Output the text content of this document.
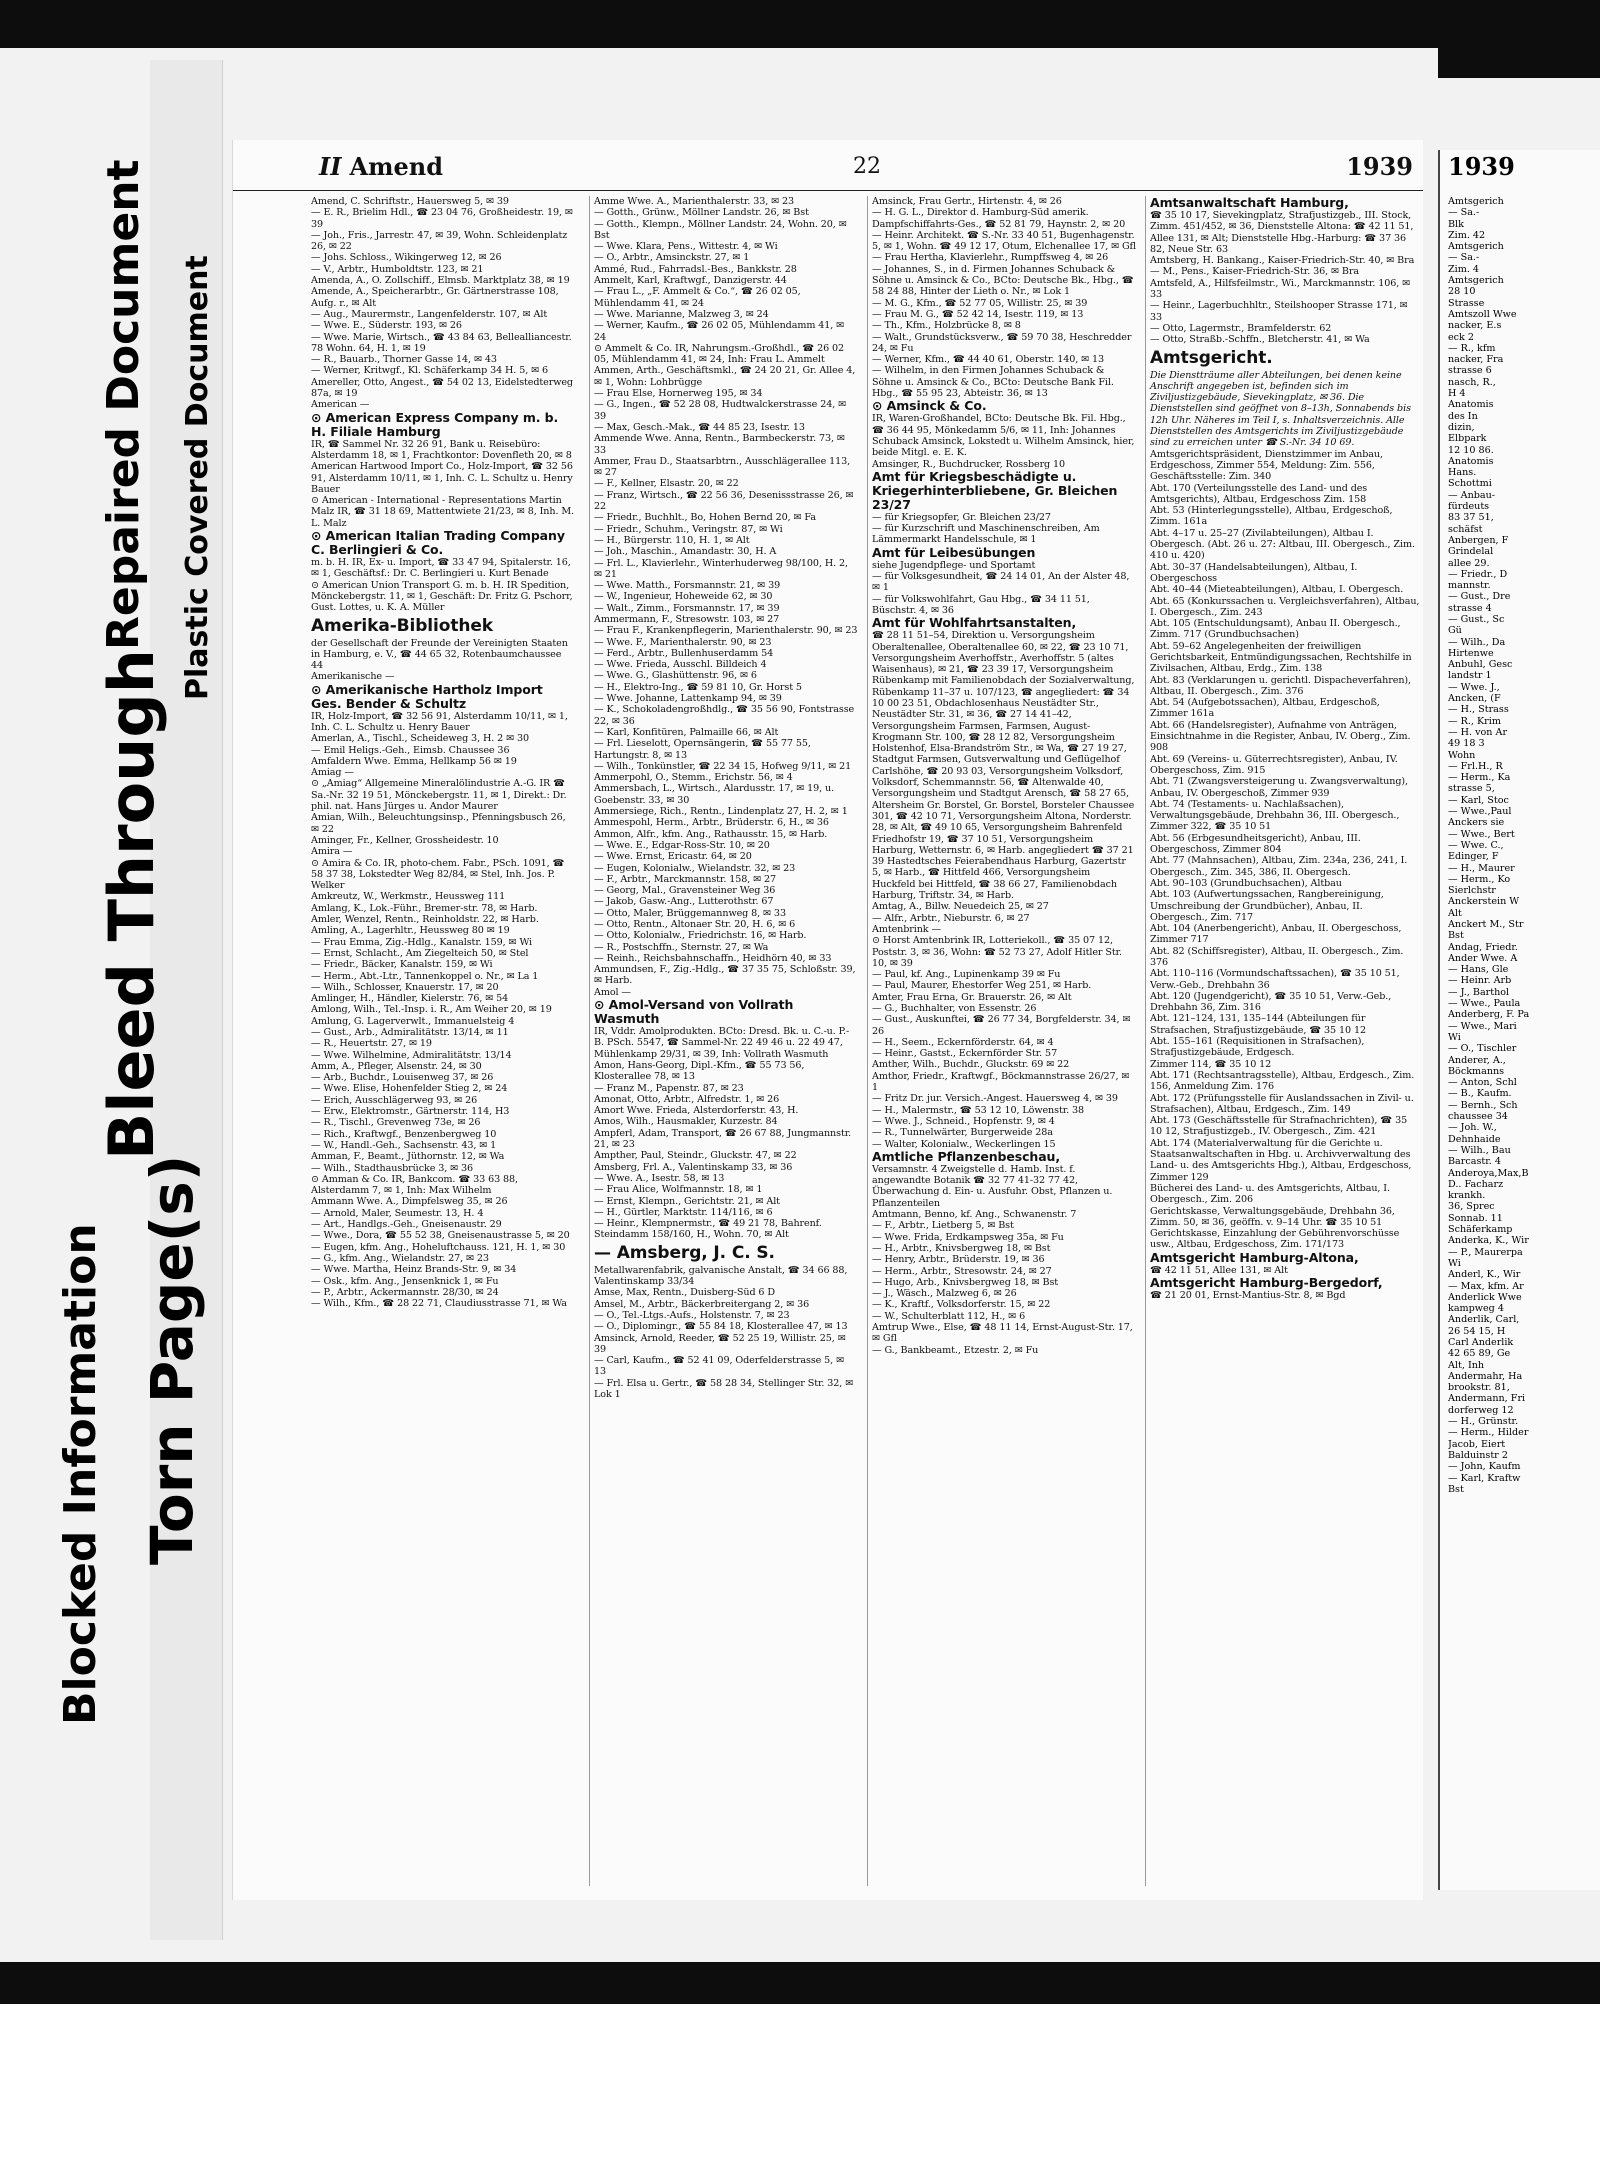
Blocked Information Torn Page(s)
Bleed Through
Repaired Document Plastic Covered Document
II Amend	22	1939
Amend, C. Schriftstr., Hauersweg 5, ✉ 39
— E. R., Brielim Hdl., ☎ 23 04 76, Großheidestr. 19, ✉ 39
— Joh., Fris., Jarrestr. 47, ✉ 39, Wohn. Schleidenplatz 26, ✉ 22
— Johs. Schloss., Wikingerweg 12, ✉ 26
— V., Arbtr., Humboldtstr. 123, ✉ 21
Amenda, A., O. Zollschiff., Elmsb. Marktplatz 38, ✉ 19
Amende, A., Speicherarbtr., Gr. Gärtnerstrasse 108, Aufg. r., ✉ Alt
— Aug., Maurermstr., Langenfelderstr. 107, ✉ Alt
— Wwe. E., Süderstr. 193, ✉ 26
— Wwe. Marie, Wirtsch., ☎ 43 84 63, Bellealliancestr. 78 Wohn. 64, H. 1, ✉ 19
— R., Bauarb., Thorner Gasse 14, ✉ 43
— Werner, Kritwgf., Kl. Schäferkamp 34 H. 5, ✉ 6
Amereller, Otto, Angest., ☎ 54 02 13, Eidelstedterweg 87a, ✉ 19
American —
⊙ American Express Company m. b. H. Filiale Hamburg
IR, ☎ Sammel Nr. 32 26 91, Bank u. Reisebüro: Alsterdamm 18, ✉ 1, Frachtkontor: Dovenfleth 20, ✉ 8
American Hartwood Import Co., Holz-Import, ☎ 32 56 91, Alsterdamm 10/11, ✉ 1, Inh. C. L. Schultz u. Henry Bauer
⊙ American - International - Representations Martin Malz IR, ☎ 31 18 69, Mattentwiete 21/23, ✉ 8, Inh. M. L. Malz
⊙ American Italian Trading Company C. Berlingieri & Co.
m. b. H. IR, Ex- u. Import, ☎ 33 47 94, Spitalerstr. 16, ✉ 1, Geschäftsf.: Dr. C. Berlingieri u. Kurt Benade
⊙ American Union Transport G. m. b. H. IR Spedition, Mönckebergstr. 11, ✉ 1, Geschäft: Dr. Fritz G. Pschorr, Gust. Lottes, u. K. A. Müller
Amerika-Bibliothek
der Gesellschaft der Freunde der Vereinigten Staaten in Hamburg, e. V., ☎ 44 65 32, Rotenbaumchaussee 44
Amerikanische —
⊙ Amerikanische Hartholz Import Ges. Bender & Schultz
IR, Holz-Import, ☎ 32 56 91, Alsterdamm 10/11, ✉ 1, Inh. C. L. Schultz u. Henry Bauer
Amerlan, A., Tischl., Scheideweg 3, H. 2 ✉ 30
— Emil Heligs.-Geh., Eimsb. Chaussee 36
Amfaldern Wwe. Emma, Hellkamp 56 ✉ 19
Amiag —
⊙ „Amiag“ Allgemeine Mineralölindustrie A.-G. IR ☎ Sa.-Nr. 32 19 51, Mönckebergstr. 11, ✉ 1, Direkt.: Dr. phil. nat. Hans Jürges u. Andor Maurer
Amian, Wilh., Beleuchtungsinsp., Pfenningsbusch 26, ✉ 22
Aminger, Fr., Kellner, Grossheidestr. 10
Amira —
⊙ Amira & Co. IR, photo-chem. Fabr., PSch. 1091, ☎ 58 37 38, Lokstedter Weg 82/84, ✉ Stel, Inh. Jos. P. Welker
Amkreutz, W., Werkmstr., Heussweg 111
Amlang, K., Lok.-Führ., Bremer-str. 78, ✉ Harb.
Amler, Wenzel, Rentn., Reinholdstr. 22, ✉ Harb.
Amling, A., Lagerhltr., Heussweg 80 ✉ 19
— Frau Emma, Zig.-Hdlg., Kanalstr. 159, ✉ Wi
— Ernst, Schlacht., Am Ziegelteich 50, ✉ Stel
— Friedr., Bäcker, Kanalstr. 159, ✉ Wi
— Herm., Abt.-Ltr., Tannenkoppel o. Nr., ✉ La 1
— Wilh., Schlosser, Knauerstr. 17, ✉ 20
Amlinger, H., Händler, Kielerstr. 76, ✉ 54
Amlong, Wilh., Tel.-Insp. i. R., Am Weiher 20, ✉ 19
Amlung, G. Lagerverwlt., Immanuelsteig 4
— Gust., Arb., Admiralitätstr. 13/14, ✉ 11
— R., Heuertstr. 27, ✉ 19
— Wwe. Wilhelmine, Admiralitätstr. 13/14
Amm, A., Pfleger, Alsenstr. 24, ✉ 30
— Arb., Buchdr., Louisenweg 37, ✉ 26
— Wwe. Elise, Hohenfelder Stieg 2, ✉ 24
— Erich, Ausschlägerweg 93, ✉ 26
— Erw., Elektromstr., Gärtnerstr. 114, H3
— R., Tischl., Grevenweg 73e, ✉ 26
— Rich., Kraftwgf., Benzenbergweg 10
— W., Handl.-Geh., Sachsenstr. 43, ✉ 1
Amman, F., Beamt., Jüthornstr. 12, ✉ Wa
— Wilh., Stadthausbrücke 3, ✉ 36
⊙ Amman & Co. IR, Bankcom. ☎ 33 63 88, Alsterdamm 7, ✉ 1, Inh: Max Wilhelm
Ammann Wwe. A., Dimpfelsweg 35, ✉ 26
— Arnold, Maler, Seumestr. 13, H. 4
— Art., Handlgs.-Geh., Gneisenaustr. 29
— Wwe., Dora, ☎ 55 52 38, Gneisenaustrasse 5, ✉ 20
— Eugen, kfm. Ang., Hoheluftchauss. 121, H. 1, ✉ 30
— G., kfm. Ang., Wielandstr. 27, ✉ 23
— Wwe. Martha, Heinz Brands-Str. 9, ✉ 34
— Osk., kfm. Ang., Jensenknick 1, ✉ Fu
— P., Arbtr., Ackermannstr. 28/30, ✉ 24
— Wilh., Kfm., ☎ 28 22 71, Claudiusstrasse 71, ✉ Wa
Amme Wwe. A., Marienthalerstr. 33, ✉ 23
— Gotth., Grünw., Möllner Landstr. 26, ✉ Bst
— Gotth., Klempn., Möllner Landstr. 24, Wohn. 20, ✉ Bst
— Wwe. Klara, Pens., Wittestr. 4, ✉ Wi
— O., Arbtr., Amsinckstr. 27, ✉ 1
Ammé, Rud., Fahrradsl.-Bes., Bankkstr. 28
Ammelt, Karl, Kraftwgf., Danzigerstr. 44
— Frau L., „F. Ammelt & Co.“, ☎ 26 02 05, Mühlendamm 41, ✉ 24
— Wwe. Marianne, Malzweg 3, ✉ 24
— Werner, Kaufm., ☎ 26 02 05, Mühlendamm 41, ✉ 24
⊙ Ammelt & Co. IR, Nahrungsm.-Großhdl., ☎ 26 02 05, Mühlendamm 41, ✉ 24, Inh: Frau L. Ammelt
Ammen, Arth., Geschäftsmkl., ☎ 24 20 21, Gr. Allee 4, ✉ 1, Wohn: Lohbrügge
— Frau Else, Hornerweg 195, ✉ 34
— G., Ingen., ☎ 52 28 08, Hudtwalckerstrasse 24, ✉ 39
— Max, Gesch.-Mak., ☎ 44 85 23, Isestr. 13
Ammende Wwe. Anna, Rentn., Barmbeckerstr. 73, ✉ 33
Ammer, Frau D., Staatsarbtrn., Ausschlägerallee 113, ✉ 27
— F., Kellner, Elsastr. 20, ✉ 22
— Franz, Wirtsch., ☎ 22 56 36, Desenissstrasse 26, ✉ 22
— Friedr., Buchhlt., Bo, Hohen Bernd 20, ✉ Fa
— Friedr., Schuhm., Veringstr. 87, ✉ Wi
— H., Bürgerstr. 110, H. 1, ✉ Alt
— Joh., Maschin., Amandastr. 30, H. A
— Frl. L., Klavierlehr., Winterhuderweg 98/100, H. 2, ✉ 21
— Wwe. Matth., Forsmannstr. 21, ✉ 39
— W., Ingenieur, Hoheweide 62, ✉ 30
— Walt., Zimm., Forsmannstr. 17, ✉ 39
Ammermann, F., Stresowstr. 103, ✉ 27
— Frau F., Krankenpflegerin, Marienthalerstr. 90, ✉ 23
— Wwe. F., Marienthalerstr. 90, ✉ 23
— Ferd., Arbtr., Bullenhuserdamm 54
— Wwe. Frieda, Ausschl. Billdeich 4
— Wwe. G., Glashüttenstr. 96, ✉ 6
— H., Elektro-Ing., ☎ 59 81 10, Gr. Horst 5
— Wwe. Johanne, Lattenkamp 94, ✉ 39
— K., Schokoladengroßhdlg., ☎ 35 56 90, Fontstrasse 22, ✉ 36
— Karl, Konfitüren, Palmaille 66, ✉ Alt
— Frl. Lieselott, Opernsängerin, ☎ 55 77 55, Hartungstr. 8, ✉ 13
— Wilh., Tonkünstler, ☎ 22 34 15, Hofweg 9/11, ✉ 21
Ammerpohl, O., Stemm., Erichstr. 56, ✉ 4
Ammersbach, L., Wirtsch., Alardusstr. 17, ✉ 19, u. Goebenstr. 33, ✉ 30
Ammersiege, Rich., Rentn., Lindenplatz 27, H. 2, ✉ 1
Ammespohl, Herm., Arbtr., Brüderstr. 6, H., ✉ 36
Ammon, Alfr., kfm. Ang., Rathausstr. 15, ✉ Harb.
— Wwe. E., Edgar-Ross-Str. 10, ✉ 20
— Wwe. Ernst, Ericastr. 64, ✉ 20
— Eugen, Kolonialw., Wielandstr. 32, ✉ 23
— F., Arbtr., Marckmannstr. 158, ✉ 27
— Georg, Mal., Gravensteiner Weg 36
— Jakob, Gasw.-Ang., Lutterothstr. 67
— Otto, Maler, Brüggemannweg 8, ✉ 33
— Otto, Rentn., Altonaer Str. 20, H. 6, ✉ 6
— Otto, Kolonialw., Friedrichstr. 16, ✉ Harb.
— R., Postschffn., Sternstr. 27, ✉ Wa
— Reinh., Reichsbahnschaffn., Heidhörn 40, ✉ 33
Ammundsen, F., Zig.-Hdlg., ☎ 37 35 75, Schloßstr. 39, ✉ Harb.
Amol —
⊙ Amol-Versand von Vollrath Wasmuth
IR, Vddr. Amolprodukten. BCto: Dresd. Bk. u. C.-u. P.-B. PSch. 5547, ☎ Sammel-Nr. 22 49 46 u. 22 49 47, Mühlenkamp 29/31, ✉ 39, Inh: Vollrath Wasmuth
Amon, Hans-Georg, Dipl.-Kfm., ☎ 55 73 56, Klosterallee 78, ✉ 13
— Franz M., Papenstr. 87, ✉ 23
Amonat, Otto, Arbtr., Alfredstr. 1, ✉ 26
Amort Wwe. Frieda, Alsterdorferstr. 43, H.
Amos, Wilh., Hausmakler, Kurzestr. 84
Ampferl, Adam, Transport, ☎ 26 67 88, Jungmannstr. 21, ✉ 23
Ampther, Paul, Steindr., Gluckstr. 47, ✉ 22
Amsberg, Frl. A., Valentinskamp 33, ✉ 36
— Wwe. A., Isestr. 58, ✉ 13
— Frau Alice, Wolfmannstr. 18, ✉ 1
— Ernst, Klempn., Gerichtstr. 21, ✉ Alt
— H., Gürtler, Marktstr. 114/116, ✉ 6
— Heinr., Klempnermstr., ☎ 49 21 78, Bahrenf. Steindamm 158/160, H., Wohn. 70, ✉ Alt
— Amsberg, J. C. S.
Metallwarenfabrik, galvanische Anstalt, ☎ 34 66 88, Valentinskamp 33/34
Amse, Max, Rentn., Duisberg-Süd 6 D
Amsel, M., Arbtr., Bäckerbreitergang 2, ✉ 36
— O., Tel.-Ltgs.-Aufs., Holstenstr. 7, ✉ 23
— O., Diplomingr., ☎ 55 84 18, Klosterallee 47, ✉ 13
Amsinck, Arnold, Reeder, ☎ 52 25 19, Willistr. 25, ✉ 39
— Carl, Kaufm., ☎ 52 41 09, Oderfelderstrasse 5, ✉ 13
— Frl. Elsa u. Gertr., ☎ 58 28 34, Stellinger Str. 32, ✉ Lok 1
Amsinck, Frau Gertr., Hirtenstr. 4, ✉ 26
— H. G. L., Direktor d. Hamburg-Süd amerik. Dampfschiffahrts-Ges., ☎ 52 81 79, Haynstr. 2, ✉ 20
— Heinr. Architekt. ☎ S.-Nr. 33 40 51, Bugenhagenstr. 5, ✉ 1, Wohn. ☎ 49 12 17, Otum, Elchenallee 17, ✉ Gfl
— Frau Hertha, Klavierlehr., Rumpffsweg 4, ✉ 26
— Johannes, S., in d. Firmen Johannes Schuback & Söhne u. Amsinck & Co., BCto: Deutsche Bk., Hbg., ☎ 58 24 88, Hinter der Lieth o. Nr., ✉ Lok 1
— M. G., Kfm., ☎ 52 77 05, Willistr. 25, ✉ 39
— Frau M. G., ☎ 52 42 14, Isestr. 119, ✉ 13
— Th., Kfm., Holzbrücke 8, ✉ 8
— Walt., Grundstücksverw., ☎ 59 70 38, Heschredder 24, ✉ Fu
— Werner, Kfm., ☎ 44 40 61, Oberstr. 140, ✉ 13
— Wilhelm, in den Firmen Johannes Schuback & Söhne u. Amsinck & Co., BCto: Deutsche Bank Fil. Hbg., ☎ 55 95 23, Abteistr. 36, ✉ 13
⊙ Amsinck & Co.
IR, Waren-Großhandel, BCto: Deutsche Bk. Fil. Hbg., ☎ 36 44 95, Mönkedamm 5/6, ✉ 11, Inh: Johannes Schuback Amsinck, Lokstedt u. Wilhelm Amsinck, hier, beide Mitgl. e. E. K.
Amsinger, R., Buchdrucker, Rossberg 10
Amt für Kriegsbeschädigte u. Kriegerhinterbliebene, Gr. Bleichen 23/27
— für Kriegsopfer, Gr. Bleichen 23/27
— für Kurzschrift und Maschinenschreiben, Am Lämmermarkt Handelsschule, ✉ 1
Amt für Leibesübungen
siehe Jugendpflege- und Sportamt
— für Volksgesundheit, ☎ 24 14 01, An der Alster 48, ✉ 1
— für Volkswohlfahrt, Gau Hbg., ☎ 34 11 51, Büschstr. 4, ✉ 36
Amt für Wohlfahrtsanstalten,
☎ 28 11 51–54, Direktion u. Versorgungsheim Oberaltenallee, Oberaltenallee 60, ✉ 22, ☎ 23 10 71, Versorgungsheim Averhoffstr., Averhoffstr. 5 (altes Waisenhaus), ✉ 21, ☎ 23 39 17, Versorgungsheim Rübenkamp mit Familienobdach der Sozialverwaltung, Rübenkamp 11–37 u. 107/123, ☎ angegliedert: ☎ 34 10 00 23 51, Obdachlosenhaus Neustädter Str., Neustädter Str. 31, ✉ 36, ☎ 27 14 41–42, Versorgungsheim Farmsen, Farmsen, August-Krogmann Str. 100, ☎ 28 12 82, Versorgungsheim Holstenhof, Elsa-Brandström Str., ✉ Wa, ☎ 27 19 27, Stadtgut Farmsen, Gutsverwaltung und Geflügelhof Carlshöhe, ☎ 20 93 03, Versorgungsheim Volksdorf, Volksdorf, Schemmannstr. 56, ☎ Altenwalde 40, Versorgungsheim und Stadtgut Arensch, ☎ 58 27 65, Altersheim Gr. Borstel, Gr. Borstel, Borsteler Chaussee 301, ☎ 42 10 71, Versorgungsheim Altona, Norderstr. 28, ✉ Alt, ☎ 49 10 65, Versorgungsheim Bahrenfeld Friedhofstr 19, ☎ 37 10 51, Versorgungsheim Harburg, Wetternstr. 6, ✉ Harb. angegliedert ☎ 37 21 39 Hastedtsches Feierabendhaus Harburg, Gazertstr 5, ✉ Harb., ☎ Hittfeld 466, Versorgungsheim Huckfeld bei Hittfeld, ☎ 38 66 27, Familienobdach Harburg, Triftstr. 34, ✉ Harb.
Amtag, A., Billw. Neuedeich 25, ✉ 27
— Alfr., Arbtr., Nieburstr. 6, ✉ 27
Amtenbrink —
⊙ Horst Amtenbrink IR, Lotteriekoll., ☎ 35 07 12, Poststr. 3, ✉ 36, Wohn: ☎ 52 73 27, Adolf Hitler Str. 10, ✉ 39
— Paul, kf. Ang., Lupinenkamp 39 ✉ Fu
— Paul, Maurer, Ehestorfer Weg 251, ✉ Harb.
Amter, Frau Erna, Gr. Brauerstr. 26, ✉ Alt
— G., Buchhalter, von Essenstr. 26
— Gust., Auskunftei, ☎ 26 77 34, Borgfelderstr. 34, ✉ 26
— H., Seem., Eckernförderstr. 64, ✉ 4
— Heinr., Gastst., Eckernförder Str. 57
Amther, Wilh., Buchdr., Gluckstr. 69 ✉ 22
Amthor, Friedr., Kraftwgf., Böckmannstrasse 26/27, ✉ 1
— Fritz Dr. jur. Versich.-Angest. Hauersweg 4, ✉ 39
— H., Malermstr., ☎ 53 12 10, Löwenstr. 38
— Wwe. J., Schneid., Hopfenstr. 9, ✉ 4
— R., Tunnelwärter, Burgerweide 28a
— Walter, Kolonialw., Weckerlingen 15
Amtliche Pflanzenbeschau,
Versamnstr. 4 Zweigstelle d. Hamb. Inst. f. angewandte Botanik ☎ 32 77 41-32 77 42, Überwachung d. Ein- u. Ausfuhr. Obst, Pflanzen u. Pflanzenteilen
Amtmann, Benno, kf. Ang., Schwanenstr. 7
— F., Arbtr., Lietberg 5, ✉ Bst
— Wwe. Frida, Erdkampsweg 35a, ✉ Fu
— H., Arbtr., Knivsbergweg 18, ✉ Bst
— Henry, Arbtr., Brüderstr. 19, ✉ 36
— Herm., Arbtr., Stresowstr. 24, ✉ 27
— Hugo, Arb., Knivsbergweg 18, ✉ Bst
— J., Wäsch., Malzweg 6, ✉ 26
— K., Kraftf., Volksdorferstr. 15, ✉ 22
— W., Schulterblatt 112, H., ✉ 6
Amtrup Wwe., Else, ☎ 48 11 14, Ernst-August-Str. 17, ✉ Gfl
— G., Bankbeamt., Etzestr. 2, ✉ Fu
Amtsanwaltschaft Hamburg,
☎ 35 10 17, Sievekingplatz, Strafjustizgeb., III. Stock, Zimm. 451/452, ✉ 36, Dienststelle Altona: ☎ 42 11 51, Allee 131, ✉ Alt; Dienststelle Hbg.-Harburg: ☎ 37 36 82, Neue Str. 63
Amtsberg, H. Bankang., Kaiser-Friedrich-Str. 40, ✉ Bra
— M., Pens., Kaiser-Friedrich-Str. 36, ✉ Bra
Amtsfeld, A., Hilfsfeilmstr., Wi., Marckmannstr. 106, ✉ 33
— Heinr., Lagerbuchhltr., Steilshooper Strasse 171, ✉ 33
— Otto, Lagermstr., Bramfelderstr. 62
— Otto, Straßb.-Schffn., Bletcherstr. 41, ✉ Wa
Amtsgericht.
Die Dienstträume aller Abteilungen, bei denen keine Anschrift angegeben ist, befinden sich im Ziviljustizgebäude, Sievekingplatz, ✉ 36. Die Dienststellen sind geöffnet von 8–13h, Sonnabends bis 12h Uhr. Näheres im Teil I, s. Inhaltsverzeichnis. Alle Dienststellen des Amtsgerichts im Ziviljustizgebäude sind zu erreichen unter ☎ S.-Nr. 34 10 69.
Amtsgerichtspräsident, Dienstzimmer im Anbau, Erdgeschoss, Zimmer 554, Meldung: Zim. 556, Geschäftsstelle: Zim. 340
Abt. 170 (Verteilungsstelle des Land- und des Amtsgerichts), Altbau, Erdgeschoss Zim. 158
Abt. 53 (Hinterlegungsstelle), Altbau, Erdgeschoß, Zimm. 161a
Abt. 4–17 u. 25–27 (Zivilabteilungen), Altbau I. Obergesch. (Abt. 26 u. 27: Altbau, III. Obergesch., Zim. 410 u. 420)
Abt. 30–37 (Handelsabteilungen), Altbau, I. Obergeschoss
Abt. 40–44 (Mieteabteilungen), Altbau, I. Obergesch.
Abt. 65 (Konkurssachen u. Vergleichsverfahren), Altbau, I. Obergesch., Zim. 243
Abt. 105 (Entschuldungsamt), Anbau II. Obergesch., Zimm. 717 (Grundbuchsachen)
Abt. 59–62 Angelegenheiten der freiwilligen Gerichtsbarkeit, Entmündigungssachen, Rechtshilfe in Zivilsachen, Altbau, Erdg., Zim. 138
Abt. 83 (Verklarungen u. gerichtl. Dispacheverfahren), Altbau, II. Obergesch., Zim. 376
Abt. 54 (Aufgebotssachen), Altbau, Erdgeschoß, Zimmer 161a
Abt. 66 (Handelsregister), Aufnahme von Anträgen, Einsichtnahme in die Register, Anbau, IV. Oberg., Zim. 908
Abt. 69 (Vereins- u. Güterrechtsregister), Anbau, IV. Obergeschoss, Zim. 915
Abt. 71 (Zwangsversteigerung u. Zwangsverwaltung), Anbau, IV. Obergeschoß, Zimmer 939
Abt. 74 (Testaments- u. Nachlaßsachen), Verwaltungsgebäude, Drehbahn 36, III. Obergesch., Zimmer 322, ☎ 35 10 51
Abt. 56 (Erbgesundheitsgericht), Anbau, III. Obergeschoss, Zimmer 804
Abt. 77 (Mahnsachen), Altbau, Zim. 234a, 236, 241, I. Obergesch., Zim. 345, 386, II. Obergesch.
Abt. 90–103 (Grundbuchsachen), Altbau
Abt. 103 (Aufwertungssachen, Rangbereinigung, Umschreibung der Grundbücher), Anbau, II. Obergesch., Zim. 717
Abt. 104 (Anerbengericht), Anbau, II. Obergeschoss, Zimmer 717
Abt. 82 (Schiffsregister), Altbau, II. Obergesch., Zim. 376
Abt. 110–116 (Vormundschaftssachen), ☎ 35 10 51, Verw.-Geb., Drehbahn 36
Abt. 120 (Jugendgericht), ☎ 35 10 51, Verw.-Geb., Drehbahn 36, Zim. 316
Abt. 121–124, 131, 135–144 (Abteilungen für Strafsachen, Strafjustizgebäude, ☎ 35 10 12
Abt. 155–161 (Requisitionen in Strafsachen), Strafjustizgebäude, Erdgesch.
Zimmer 114, ☎ 35 10 12
Abt. 171 (Rechtsantragsstelle), Altbau, Erdgesch., Zim. 156, Anmeldung Zim. 176
Abt. 172 (Prüfungsstelle für Auslandssachen in Zivil- u. Strafsachen), Altbau, Erdgesch., Zim. 149
Abt. 173 (Geschäftsstelle für Strafnachrichten), ☎ 35 10 12, Strafjustizgeb., IV. Obergesch., Zim. 421
Abt. 174 (Materialverwaltung für die Gerichte u. Staatsanwaltschaften in Hbg. u. Archivverwaltung des Land- u. des Amtsgerichts Hbg.), Altbau, Erdgeschoss, Zimmer 129
Bücherei des Land- u. des Amtsgerichts, Altbau, I. Obergesch., Zim. 206
Gerichtskasse, Verwaltungsgebäude, Drehbahn 36, Zimm. 50, ✉ 36, geöffn. v. 9–14 Uhr. ☎ 35 10 51
Gerichtskasse, Einzahlung der Gebührenvorschüsse usw., Altbau, Erdgeschoss, Zim. 171/173
Amtsgericht Hamburg-Altona,
☎ 42 11 51, Allee 131, ✉ Alt
Amtsgericht Hamburg-Bergedorf,
☎ 21 20 01, Ernst-Mantius-Str. 8, ✉ Bgd
1939
Amtsgerich
— Sa.-
Blk
Zim. 42
Amtsgerich
— Sa.-
Zim. 4
Amtsgerich
28 10
Strasse
Amtszoll Wwe
nacker, E.s
eck 2
— R., kfm
nacker, Fra
strasse 6
nasch, R.,
H 4
Anatomis
des In
dizin,
Elbpark
12 10 86.
Anatomis
Hans.
Schottmi
— Anbau-
fürdeuts
83 37 51,
schäfst
Anbergen, F
Grindelal
allee 29.
— Friedr., D
mannstr.
— Gust., Dre
strasse 4
— Gust., Sc
Gü
— Wilh., Da
Hirtenwe
Anbuhl, Gesc
landstr 1
— Wwe. J.,
Ancken, (F
— H., Strass
— R., Krim
— H. von Ar
49 18 3
Wohn
— Frl.H., R
— Herm., Ka
strasse 5,
— Karl, Stoc
— Wwe.,Paul
Anckers sie
— Wwe., Bert
— Wwe. C.,
Edinger, F
— H., Maurer
— Herm., Ko
Sierlchstr
Anckerstein W
Alt
Anckert M., Str
Bst
Andag, Friedr.
Ander Wwe. A
— Hans, Gle
— Heinr. Arb
— J., Barthol
— Wwe., Paula
Anderberg, F. Pa
— Wwe., Mari
Wi
— O., Tischler
Anderer, A.,
Böckmanns
— Anton, Schl
— B., Kaufm.
— Bernh., Sch
chaussee 34
— Joh. W.,
Dehnhaide
— Wilh., Bau
Barcastr. 4
Anderoya,Max,B
D.. Facharz
krankh.
36, Sprec
Sonnab. 11
Schäferkamp
Anderka, K., Wir
— P., Maurerpa
Wi
Anderl, K., Wir
— Max, kfm. Ar
Anderlick Wwe
kampweg 4
Anderlik, Carl,
26 54 15, H
Carl Anderlik
42 65 89, Ge
Alt, Inh
Andermahr, Ha
brookstr. 81,
Andermann, Fri
dorferweg 12
— H., Grünstr.
— Herm., Hilder
Jacob, Eiert
Balduinstr 2
— John, Kaufm
— Karl, Kraftw
Bst
